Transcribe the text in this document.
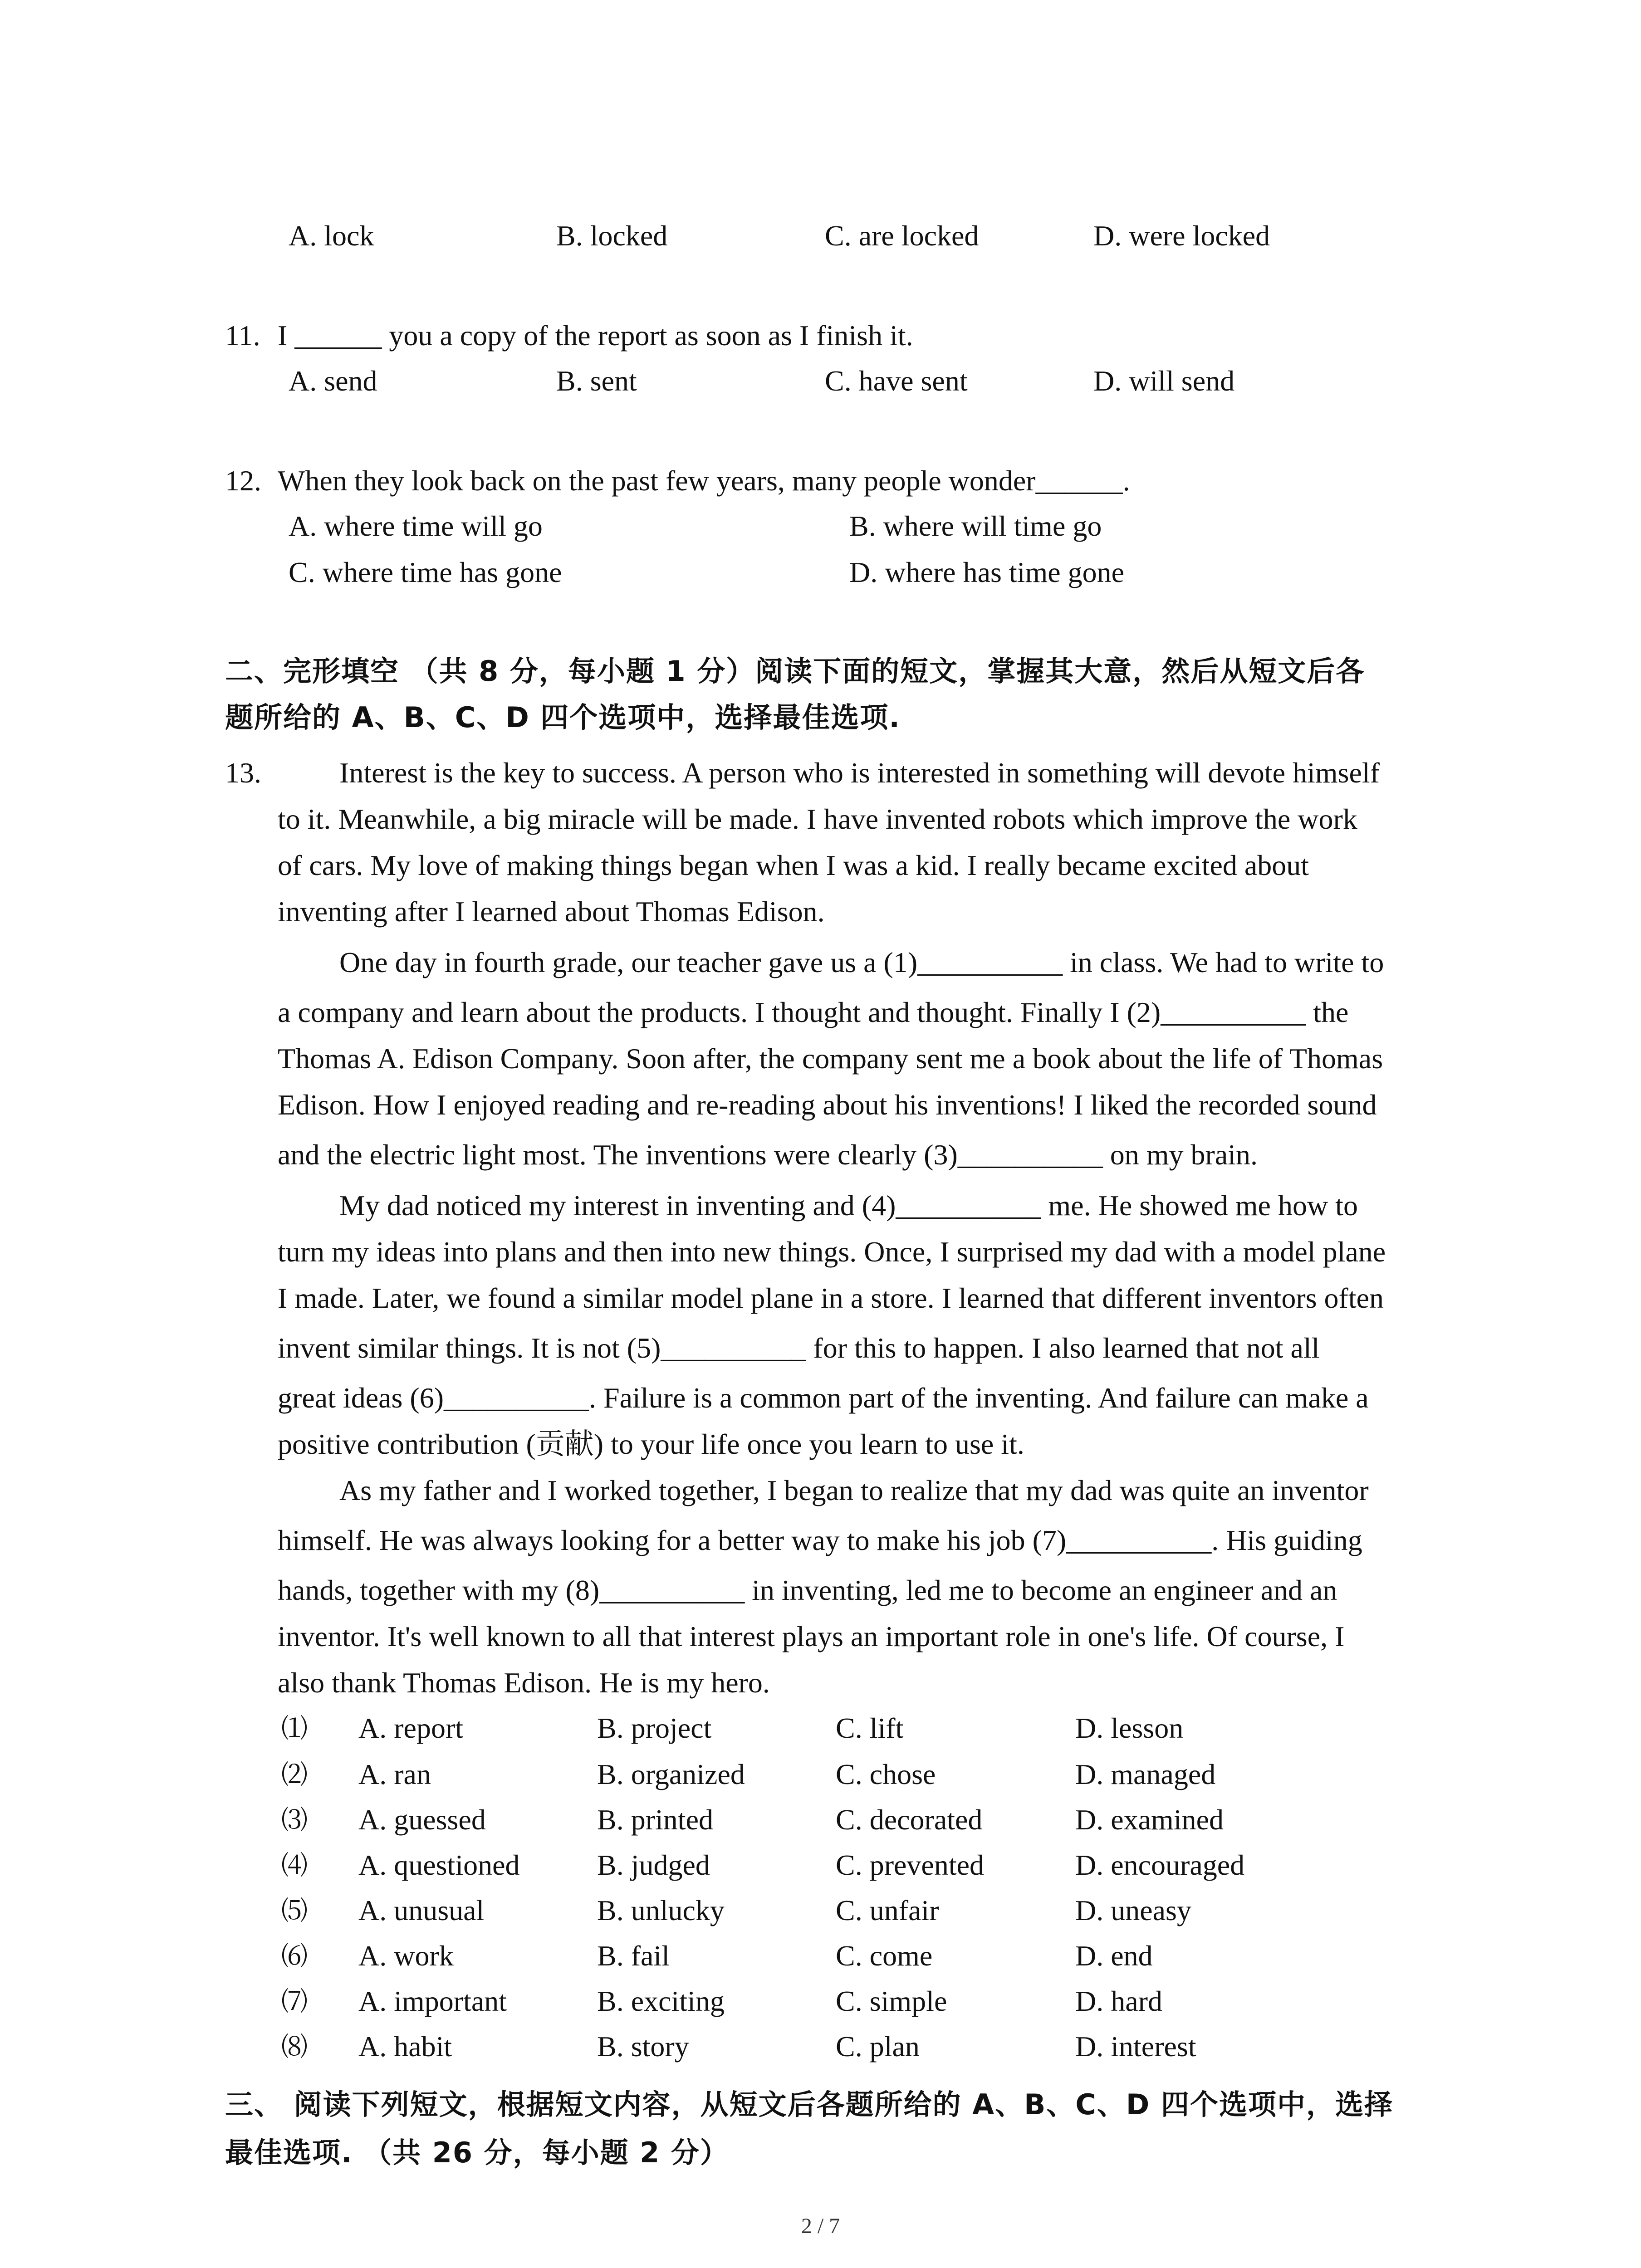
A. lock	B. locked	C. are locked	D. were locked
11. I ______ you a copy of the report as soon as I finish it.
A. send	B. sent	C. have sent	D. will send
12. When they look back on the past few years, many people wonder______.
A. where time will go	B. where will time go
C. where time has gone	D. where has time gone
二、完形填空 （共 8 分，每小题 1 分）阅读下面的短文，掌握其大意，然后从短文后各
题所给的 A、B、C、D 四个选项中，选择最佳选项.
13.	Interest is the key to success. A person who is interested in something will devote himself
to it. Meanwhile, a big miracle will be made. I have invented robots which improve the work
of cars. My love of making things began when I was a kid. I really became excited about
inventing after I learned about Thomas Edison.
One day in fourth grade, our teacher gave us a (1)__________ in class. We had to write to
a company and learn about the products. I thought and thought. Finally I (2)__________ the
Thomas A. Edison Company. Soon after, the company sent me a book about the life of Thomas
Edison. How I enjoyed reading and re-reading about his inventions! I liked the recorded sound
and the electric light most. The inventions were clearly (3)__________ on my brain.
My dad noticed my interest in inventing and (4)__________ me. He showed me how to
turn my ideas into plans and then into new things. Once, I surprised my dad with a model plane
I made. Later, we found a similar model plane in a store. I learned that different inventors often
invent similar things. It is not (5)__________ for this to happen. I also learned that not all
great ideas (6)__________. Failure is a common part of the inventing. And failure can make a
positive contribution (贡献) to your life once you learn to use it.
As my father and I worked together, I began to realize that my dad was quite an inventor
himself. He was always looking for a better way to make his job (7)__________. His guiding
hands, together with my (8)__________ in inventing, led me to become an engineer and an
inventor. It's well known to all that interest plays an important role in one's life. Of course, I
also thank Thomas Edison. He is my hero.
⑴ A. report	B. project	C. lift	D. lesson
⑵ A. ran	B. organized	C. chose	D. managed
⑶ A. guessed	B. printed	C. decorated	D. examined
⑷ A. questioned	B. judged	C. prevented	D. encouraged
⑸ A. unusual	B. unlucky	C. unfair	D. uneasy
⑹ A. work	B. fail	C. come	D. end
⑺ A. important	B. exciting	C. simple	D. hard
⑻ A. habit	B. story	C. plan	D. interest
三、 阅读下列短文，根据短文内容，从短文后各题所给的 A、B、C、D 四个选项中，选择
最佳选项. （共 26 分，每小题 2 分）
2 / 7
